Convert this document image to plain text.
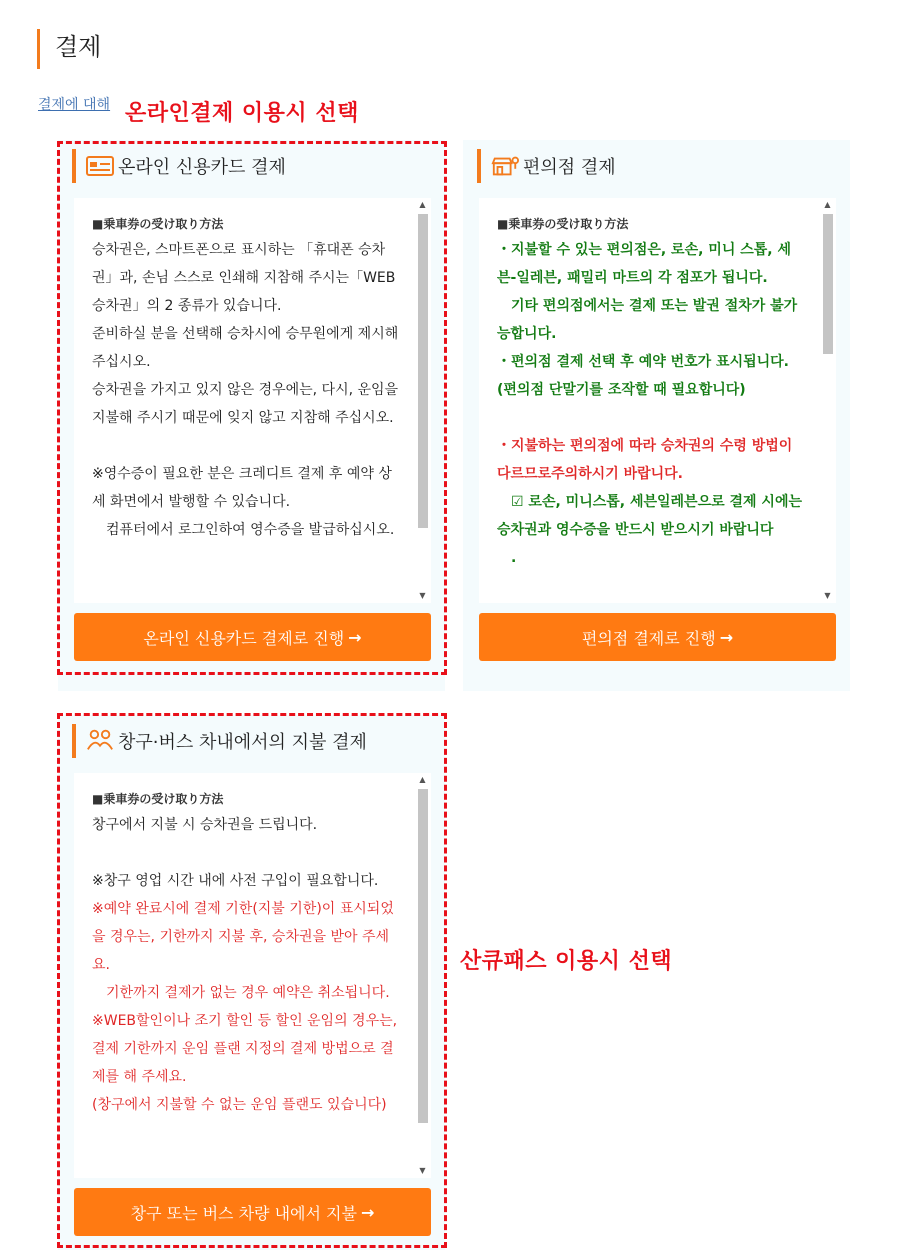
결제
결제에 대해 온라인결제 이용시 선택
온라인 신용카드 결제
■乗車券の受け取り方法

승차권은, 스마트폰으로 표시하는 「휴대폰 승차권」과, 손님 스스로 인쇄해 지참해 주시는「WEB 승차권」의 2 종류가 있습니다.

준비하실 분을 선택해 승차시에 승무원에게 제시해 주십시오.

승차권을 가지고 있지 않은 경우에는, 다시, 운임을 지불해 주시기 때문에 잊지 않고 지참해 주십시오.

※영수증이 필요한 분은 크레디트 결제 후 예약 상세 화면에서 발행할 수 있습니다.

　컴퓨터에서 로그인하여 영수증을 발급하십시오.

▲
▼
온라인 신용카드 결제로 진행 →
편의점 결제
■乗車券の受け取り方法

・지불할 수 있는 편의점은, 로손, 미니 스톱, 세븐-일레븐, 패밀리 마트의 각 점포가 됩니다.

　기타 편의점에서는 결제 또는 발권 절차가 불가능합니다.

・편의점 결제 선택 후 예약 번호가 표시됩니다. (편의점 단말기를 조작할 때 필요합니다)

・지불하는 편의점에 따라 승차권의 수령 방법이 다르므로주의하시기 바랍니다.

　☑ 로손, 미니스톱, 세븐일레븐으로 결제 시에는 승차권과 영수증을 반드시 받으시기 바랍니다

　.

▲
▼
편의점 결제로 진행 →
창구·버스 차내에서의 지불 결제
■乗車券の受け取り方法

창구에서 지불 시 승차권을 드립니다.

※창구 영업 시간 내에 사전 구입이 필요합니다.

※예약 완료시에 결제 기한(지불 기한)이 표시되었을 경우는, 기한까지 지불 후, 승차권을 받아 주세요.

　기한까지 결제가 없는 경우 예약은 취소됩니다.

※WEB할인이나 조기 할인 등 할인 운임의 경우는, 결제 기한까지 운임 플랜 지정의 결제 방법으로 결제를 해 주세요.

(창구에서 지불할 수 없는 운임 플랜도 있습니다)

▲
▼
창구 또는 버스 차량 내에서 지불 →
산큐패스 이용시 선택
